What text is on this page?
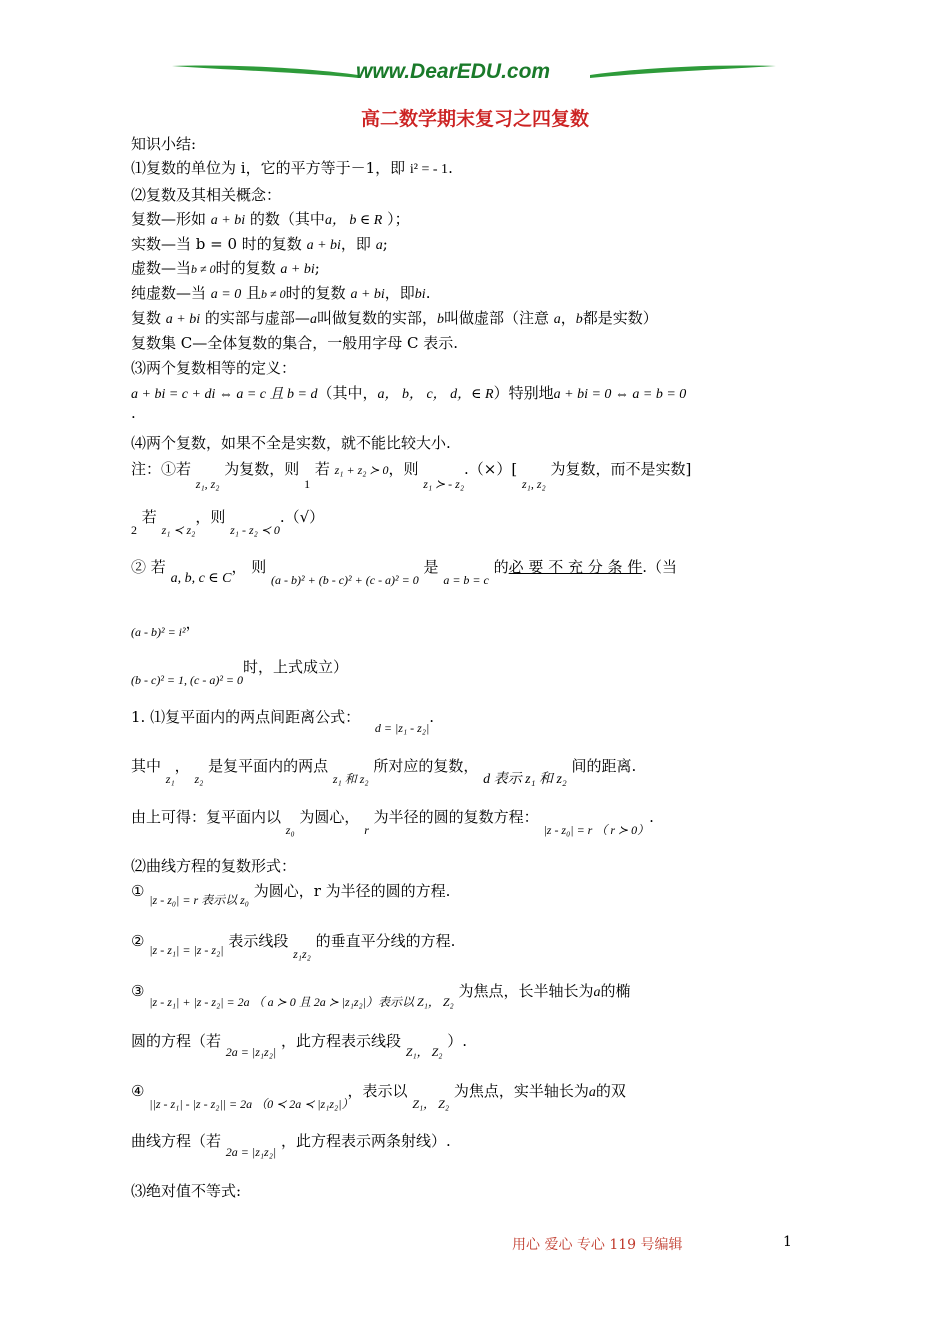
www.DearEDU.com
高二数学期末复习之四复数
知识小结:
⑴复数的单位为 i，它的平方等于－1，即 i² = - 1.
⑵复数及其相关概念：
复数—形如 a + bi 的数（其中a， b ∈ R ）；
实数—当 b = 0 时的复数 a + bi，即 a;
虚数—当b ≠ 0时的复数 a + bi;
纯虚数—当 a = 0 且b ≠ 0时的复数 a + bi，即bi.
复数 a + bi 的实部与虚部—a叫做复数的实部，b叫做虚部（注意 a，b都是实数）
复数集 C—全体复数的集合，一般用字母 C 表示.
⑶两个复数相等的定义：
a + bi = c + di ⇔ a = c 且 b = d（其中，a， b， c， d，∈ R）特别地a + bi = 0 ⇔ a = b = 0
.
⑷两个复数，如果不全是实数，就不能比较大小.
注：①若 $_{z_1, z_2}$ 为复数，则 $_1$ 若 z₁ + z₂ ≻ 0，则 $_{z_1 ≻ - z_2}$.（×）[ $_{z_1, z_2}$ 为复数，而不是实数]
$_2$ 若 $_{z_1 ≺ z_2}$，则 $_{z_1 - z_2 ≺ 0}$.（√）
② 若 a, b, c ∈ C， 则 $_{(a - b)^2 + (b - c)^2 + (c - a)^2 = 0}$ 是 $_{a = b = c}$ 的必 要 不 充 分 条 件.（当
$_{(a - b)^2 = i^2}$，
$_{(b - c)^2 = 1, (c - a)^2 = 0}$时，上式成立）
1. ⑴复平面内的两点间距离公式： $_{d = |z_1 - z_2|}$.
其中 $_{z_1}$， $_{z_2}$ 是复平面内的两点 $_{z_1 和 z_2}$ 所对应的复数， d 表示 z₁ 和 z₂ 间的距离.
由上可得：复平面内以 $_{z_0}$ 为圆心， $_r$ 为半径的圆的复数方程： $_{|z - z_0| = r ( r ≻ 0)}$.
⑵曲线方程的复数形式：
① $_{|z - z_0| = r 表示以 z_0}$ 为圆心，r 为半径的圆的方程.
② $_{|z - z_1| = |z - z_2|}$ 表示线段 $_{z_1z_2}$ 的垂直平分线的方程.
③ $_{|z - z_1| + |z - z_2| = 2a ( a ≻ 0 且 2a ≻ |z_1z_2|)表示以 Z_1, Z_2}$ 为焦点，长半轴长为a的椭
圆的方程（若 $_{2a = |z_1z_2|}$ ，此方程表示线段 $_{Z_1, Z_2}$ ）.
④ $_{||z - z_1| - |z - z_2|| = 2a (0 ≺ 2a ≺ |z_1z_2|)}$，表示以 $_{Z_1, Z_2}$ 为焦点，实半轴长为a的双
曲线方程（若 $_{2a = |z_1z_2|}$ ，此方程表示两条射线）.
⑶绝对值不等式:
用心 爱心 专心 119 号编辑	1
